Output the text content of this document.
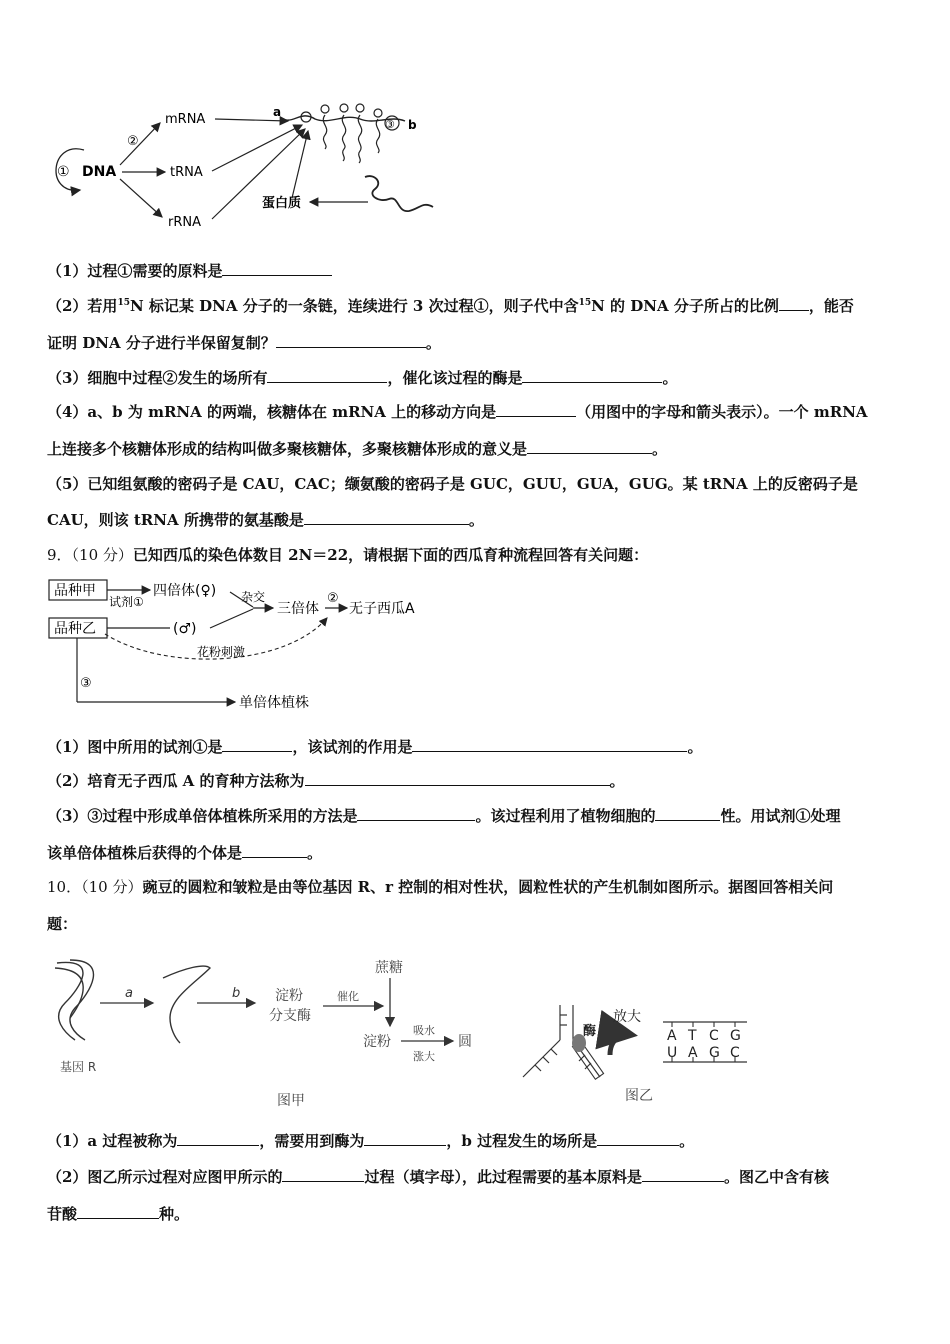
① DNA
②
mRNA
tRNA
rRNA
a
③ b
蛋白质
（1）过程①需要的原料是
（2）若用$^{15}$N 标记某 DNA 分子的一条链，连续进行 3 次过程①，则子代中含$^{15}$N 的 DNA 分子所占的比例 ，能否
证明 DNA 分子进行半保留复制？	。
（3）细胞中过程②发生的场所有	，催化该过程的酶是	。
（4）a、b 为 mRNA 的两端，核糖体在 mRNA 上的移动方向是	（用图中的字母和箭头表示）。一个 mRNA
上连接多个核糖体形成的结构叫做多聚核糖体，多聚核糖体形成的意义是	。
（5）已知组氨酸的密码子是 CAU，CAC；缬氨酸的密码子是 GUC，GUU，GUA，GUG。某 tRNA 上的反密码子是
CAU，则该 tRNA 所携带的氨基酸是	。
9．（10 分）已知西瓜的染色体数目 2N＝22，请根据下面的西瓜育种流程回答有关问题：
品种甲
品种乙
试剂①
四倍体(♀)
(♂)
杂交
三倍体
②
无子西瓜A
花粉刺激
③
单倍体植株
（1）图中所用的试剂①是	，该试剂的作用是	。
（2）培育无子西瓜 A 的育种方法称为	。
（3）③过程中形成单倍体植株所采用的方法是	。该过程利用了植物细胞的	性。用试剂①处理
该单倍体植株后获得的个体是	。
10．（10 分）豌豆的圆粒和皱粒是由等位基因 R、r 控制的相对性状，圆粒性状的产生机制如图所示。据图回答相关问
题：
基因 R
a	b 淀粉
分支酶
催化
蔗糖
淀粉
吸水
涨大
圆
图甲
酶
放大
A T C G
U A G C
图乙
（1）a 过程被称为	，需要用到酶为	，b 过程发生的场所是	。
（2）图乙所示过程对应图甲所示的	过程（填字母），此过程需要的基本原料是	。图乙中含有核
苷酸	种。
